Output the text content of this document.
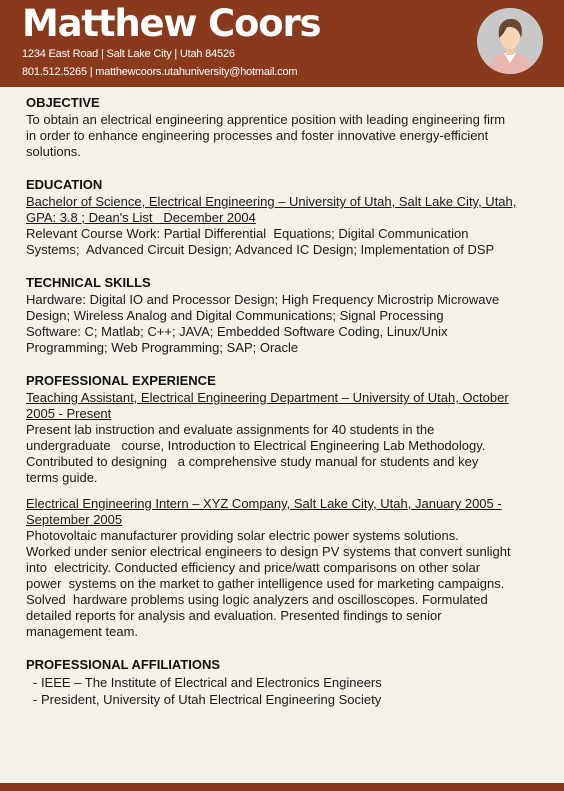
Matthew Coors
1234 East Road | Salt Lake City | Utah 84526
801.512.5265 | matthewcoors.utahuniversity@hotmail.com
OBJECTIVE

To obtain an electrical engineering apprentice position with leading engineering firm

in order to enhance engineering processes and foster innovative energy-efficient

solutions.

EDUCATION

Bachelor of Science, Electrical Engineering – University of Utah, Salt Lake City, Utah,

GPA: 3.8 ; Dean's List   December 2004

Relevant Course Work: Partial Differential  Equations; Digital Communication

Systems;  Advanced Circuit Design; Advanced IC Design; Implementation of DSP

TECHNICAL SKILLS

Hardware: Digital IO and Processor Design; High Frequency Microstrip Microwave

Design; Wireless Analog and Digital Communications; Signal Processing

Software: C; Matlab; C++; JAVA; Embedded Software Coding, Linux/Unix

Programming; Web Programming; SAP; Oracle

PROFESSIONAL EXPERIENCE

Teaching Assistant, Electrical Engineering Department – University of Utah, October

2005 - Present

Present lab instruction and evaluate assignments for 40 students in the

undergraduate   course, Introduction to Electrical Engineering Lab Methodology.

Contributed to designing   a comprehensive study manual for students and key

terms guide.

Electrical Engineering Intern – XYZ Company, Salt Lake City, Utah, January 2005 -

September 2005

Photovoltaic manufacturer providing solar electric power systems solutions.

Worked under senior electrical engineers to design PV systems that convert sunlight

into  electricity. Conducted efficiency and price/watt comparisons on other solar

power  systems on the market to gather intelligence used for marketing campaigns.

Solved  hardware problems using logic analyzers and oscilloscopes. Formulated

detailed reports for analysis and evaluation. Presented findings to senior

management team.

PROFESSIONAL AFFILIATIONS

- IEEE – The Institute of Electrical and Electronics Engineers

- President, University of Utah Electrical Engineering Society
